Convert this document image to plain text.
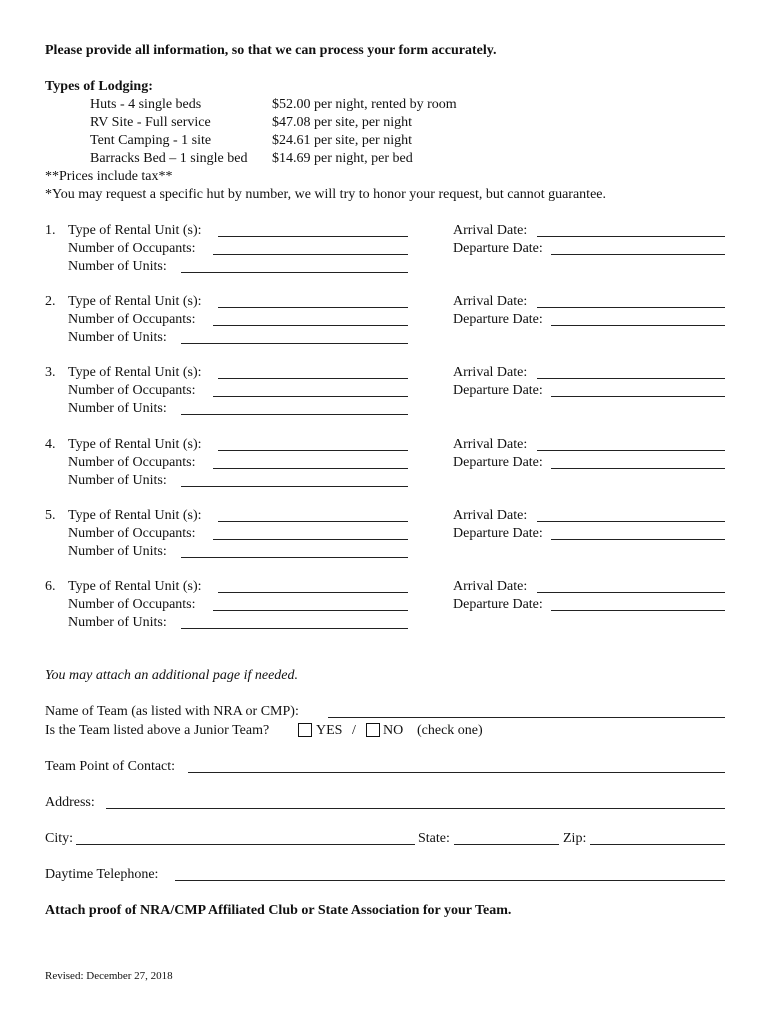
Please provide all information, so that we can process your form accurately.
Types of Lodging:
Huts - 4 single beds	$52.00 per night, rented by room
RV Site - Full service	$47.08 per site, per night
Tent Camping - 1 site	$24.61 per site, per night
Barracks Bed – 1 single bed $14.69 per night, per bed
**Prices include tax**
*You may request a specific hut by number, we will try to honor your request, but cannot guarantee.
1. Type of Rental Unit (s):
Number of Occupants:
Number of Units:
Arrival Date:
Departure Date:
2. Type of Rental Unit (s):
Number of Occupants:
Number of Units:
Arrival Date:
Departure Date:
3. Type of Rental Unit (s):
Number of Occupants:
Number of Units:
Arrival Date:
Departure Date:
4. Type of Rental Unit (s):
Number of Occupants:
Number of Units:
Arrival Date:
Departure Date:
5. Type of Rental Unit (s):
Number of Occupants:
Number of Units:
Arrival Date:
Departure Date:
6. Type of Rental Unit (s):
Number of Occupants:
Number of Units:
Arrival Date:
Departure Date:
You may attach an additional page if needed.
Name of Team (as listed with NRA or CMP):
Is the Team listed above a Junior Team?	YES / NO (check one)
Team Point of Contact:
Address:
City:	State:	Zip:
Daytime Telephone:
Attach proof of NRA/CMP Affiliated Club or State Association for your Team.
Revised: December 27, 2018
